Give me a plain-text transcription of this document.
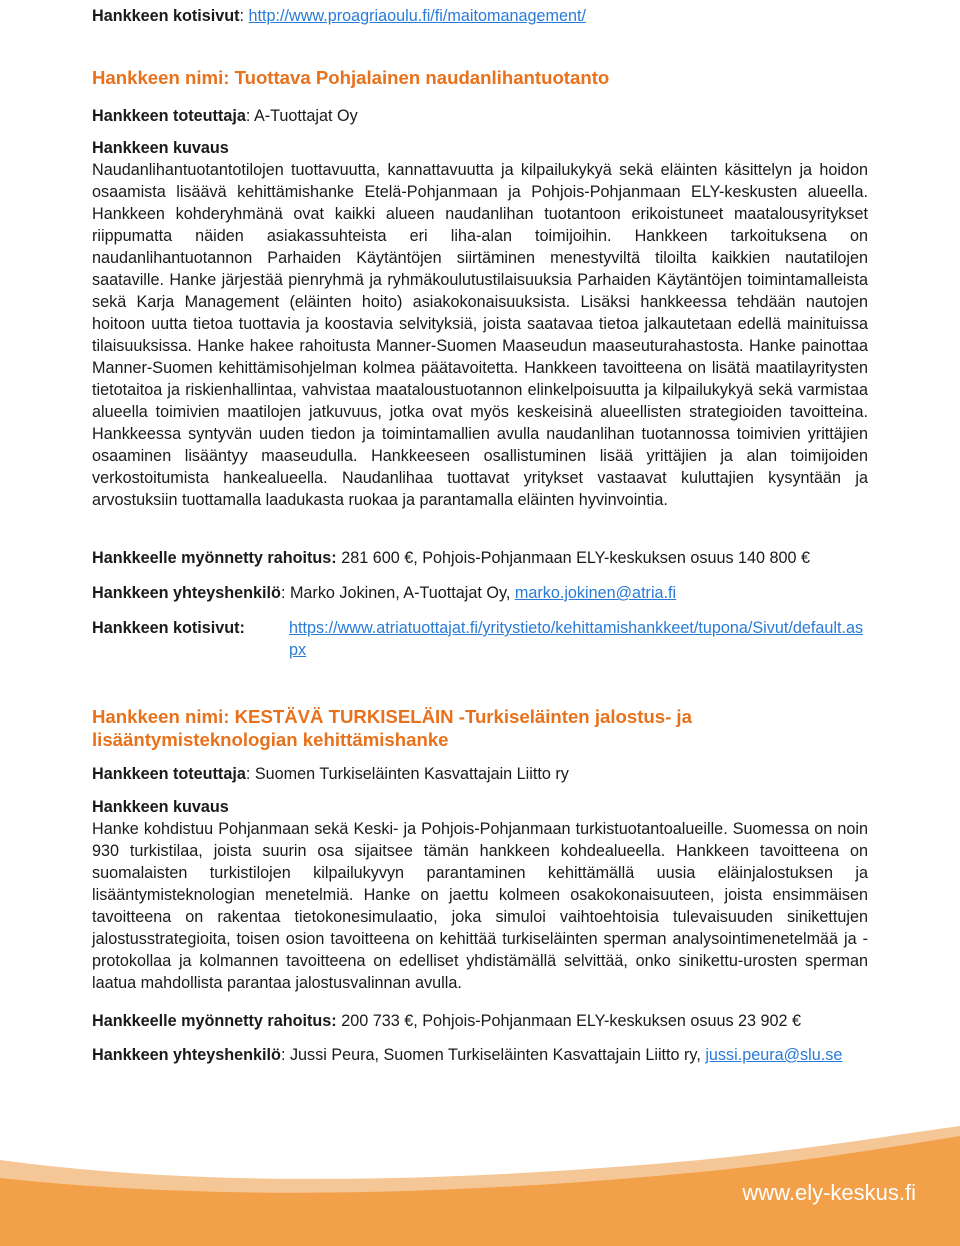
Hankkeen kotisivut: http://www.proagriaoulu.fi/fi/maitomanagement/

Hankkeen nimi: Tuottava Pohjalainen naudanlihantuotanto

Hankkeen toteuttaja: A-Tuottajat Oy

Hankkeen kuvaus

Naudanlihantuotantotilojen tuottavuutta, kannattavuutta ja kilpailukykyä sekä eläinten käsittelyn ja hoidon osaamista lisäävä kehittämishanke Etelä-Pohjanmaan ja Pohjois-Pohjanmaan ELY-keskusten alueella. Hankkeen kohderyhmänä ovat kaikki alueen naudanlihan tuotantoon erikoistuneet maatalousyritykset riippumatta näiden asiakassuhteista eri liha-alan toimijoihin. Hankkeen tarkoituksena on naudanlihantuotannon Parhaiden Käytäntöjen siirtäminen menestyviltä tiloilta kaikkien nautatilojen saataville. Hanke järjestää pienryhmä ja ryhmäkoulutustilaisuuksia Parhaiden Käytäntöjen toimintamalleista sekä Karja Management (eläinten hoito) asiakokonaisuuksista. Lisäksi hankkeessa tehdään nautojen hoitoon uutta tietoa tuottavia ja koostavia selvityksiä, joista saatavaa tietoa jalkautetaan edellä mainituissa tilaisuuksissa. Hanke hakee rahoitusta Manner-Suomen Maaseudun maaseuturahastosta. Hanke painottaa Manner-Suomen kehittämisohjelman kolmea päätavoitetta. Hankkeen tavoitteena on lisätä maatilayritysten tietotaitoa ja riskienhallintaa, vahvistaa maataloustuotannon elinkelpoisuutta ja kilpailukykyä sekä varmistaa alueella toimivien maatilojen jatkuvuus, jotka ovat myös keskeisinä alueellisten strategioiden tavoitteina. Hankkeessa syntyvän uuden tiedon ja toimintamallien avulla naudanlihan tuotannossa toimivien yrittäjien osaaminen lisääntyy maaseudulla. Hankkeeseen osallistuminen lisää yrittäjien ja alan toimijoiden verkostoitumista hankealueella. Naudanlihaa tuottavat yritykset vastaavat kuluttajien kysyntään ja arvostuksiin tuottamalla laadukasta ruokaa ja parantamalla eläinten hyvinvointia.

Hankkeelle myönnetty rahoitus: 281 600 €, Pohjois-Pohjanmaan ELY-keskuksen osuus 140 800 €

Hankkeen yhteyshenkilö: Marko Jokinen, A-Tuottajat Oy, marko.jokinen@atria.fi

Hankkeen kotisivut:	https://www.atriatuottajat.fi/yritystieto/kehittamishankkeet/tupona/Sivut/default.aspx

Hankkeen nimi: KESTÄVÄ TURKISELÄIN -Turkiseläinten jalostus- ja lisääntymisteknologian kehittämishanke

Hankkeen toteuttaja: Suomen Turkiseläinten Kasvattajain Liitto ry

Hankkeen kuvaus

Hanke kohdistuu Pohjanmaan sekä Keski- ja Pohjois-Pohjanmaan turkistuotantoalueille. Suomessa on noin 930 turkistilaa, joista suurin osa sijaitsee tämän hankkeen kohdealueella. Hankkeen tavoitteena on suomalaisten turkistilojen kilpailukyvyn parantaminen kehittämällä uusia eläinjalostuksen ja lisääntymisteknologian menetelmiä. Hanke on jaettu kolmeen osakokonaisuuteen, joista ensimmäisen tavoitteena on rakentaa tietokonesimulaatio, joka simuloi vaihtoehtoisia tulevaisuuden sinikettujen jalostusstrategioita, toisen osion tavoitteena on kehittää turkiseläinten sperman analysointimenetelmää ja -protokollaa ja kolmannen tavoitteena on edelliset yhdistämällä selvittää, onko sinikettu-urosten sperman laatua mahdollista parantaa jalostusvalinnan avulla.

Hankkeelle myönnetty rahoitus: 200 733 €, Pohjois-Pohjanmaan ELY-keskuksen osuus 23 902 €

Hankkeen yhteyshenkilö: Jussi Peura, Suomen Turkiseläinten Kasvattajain Liitto ry, jussi.peura@slu.se

www.ely-keskus.fi
